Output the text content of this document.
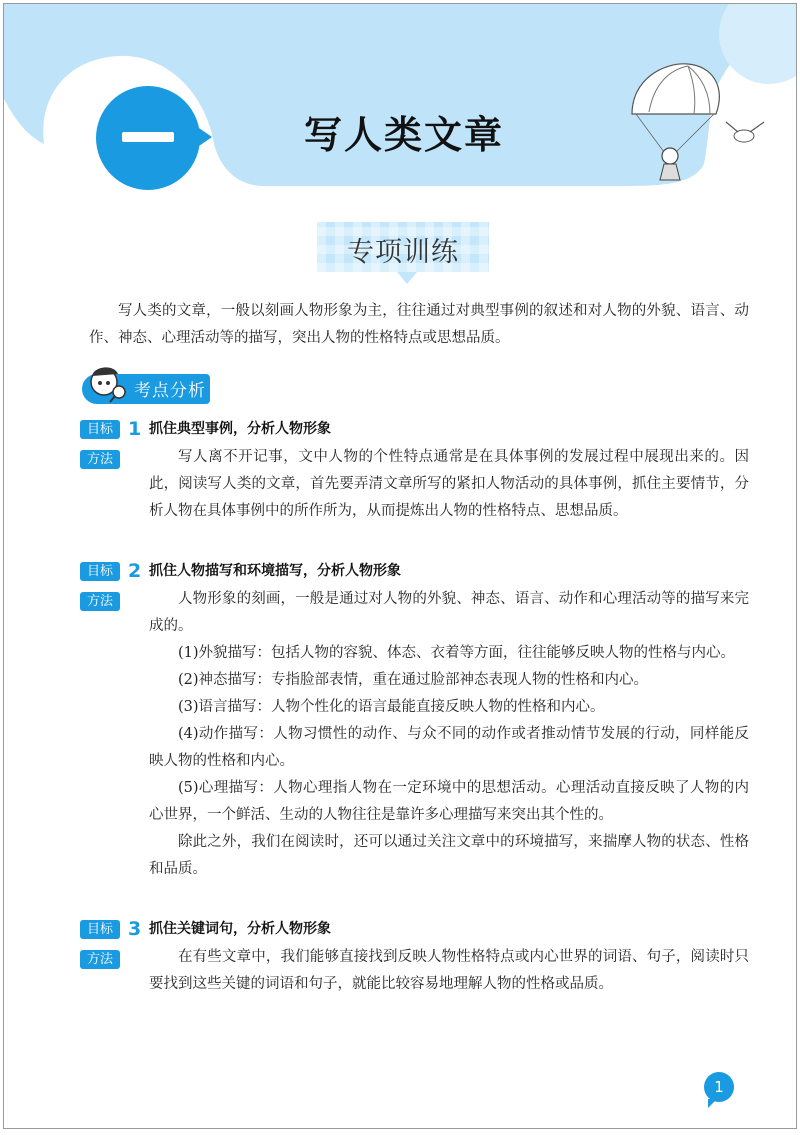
写人类文章
专项训练

写人类的文章，一般以刻画人物形象为主，往往通过对典型事例的叙述和对人物的外貌、语言、动作、神态、心理活动等的描写，突出人物的性格特点或思想品质。

考点分析
目标 1 抓住典型事例，分析人物形象
方法	写人离不开记事，文中人物的个性特点通常是在具体事例的发展过程中展现出来的。因此，阅读写人类的文章，首先要弄清文章所写的紧扣人物活动的具体事例，抓住主要情节，分析人物在具体事例中的所作所为，从而提炼出人物的性格特点、思想品质。

目标 2 抓住人物描写和环境描写，分析人物形象
方法	人物形象的刻画，一般是通过对人物的外貌、神态、语言、动作和心理活动等的描写来完成的。

(1)外貌描写：包括人物的容貌、体态、衣着等方面，往往能够反映人物的性格与内心。

(2)神态描写：专指脸部表情，重在通过脸部神态表现人物的性格和内心。

(3)语言描写：人物个性化的语言最能直接反映人物的性格和内心。

(4)动作描写：人物习惯性的动作、与众不同的动作或者推动情节发展的行动，同样能反映人物的性格和内心。

(5)心理描写：人物心理指人物在一定环境中的思想活动。心理活动直接反映了人物的内心世界，一个鲜活、生动的人物往往是靠许多心理描写来突出其个性的。

除此之外，我们在阅读时，还可以通过关注文章中的环境描写，来揣摩人物的状态、性格和品质。

目标 3 抓住关键词句，分析人物形象
方法	在有些文章中，我们能够直接找到反映人物性格特点或内心世界的词语、句子，阅读时只要找到这些关键的词语和句子，就能比较容易地理解人物的性格或品质。

1
